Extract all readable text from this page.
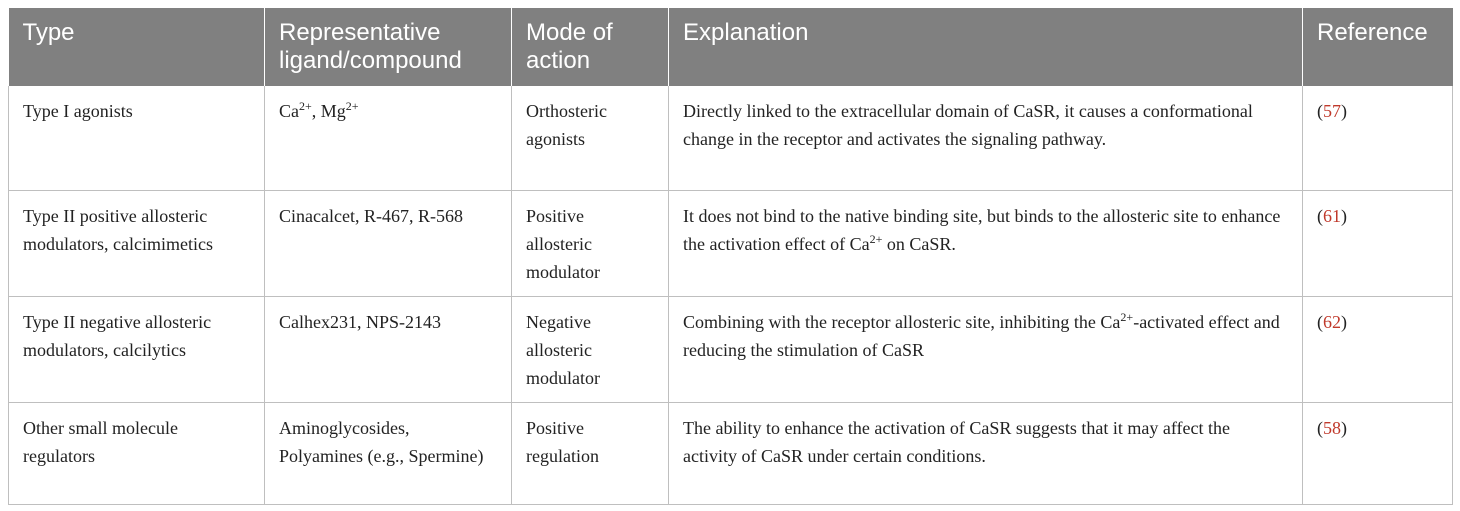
Type	Representative ligand/compound	Mode of action	Explanation	Reference
Type I agonists	$Ca^{2+}$, $Mg^{2+}$	Orthosteric agonists	Directly linked to the extracellular domain of CaSR, it causes a conformational change in the receptor and activates the signaling pathway.	(57)
Type II positive allosteric modulators, calcimimetics	Cinacalcet, R-467, R-568	Positive allosteric modulator	It does not bind to the native binding site, but binds to the allosteric site to enhance the activation effect of $Ca^{2+}$ on CaSR.	(61)
Type II negative allosteric modulators, calcilytics	Calhex231, NPS-2143	Negative allosteric modulator	Combining with the receptor allosteric site, inhibiting the $Ca^{2+}$-activated effect and reducing the stimulation of CaSR	(62)
Other small molecule regulators	Aminoglycosides, Polyamines (e.g., Spermine)	Positive regulation	The ability to enhance the activation of CaSR suggests that it may affect the activity of CaSR under certain conditions.	(58)
